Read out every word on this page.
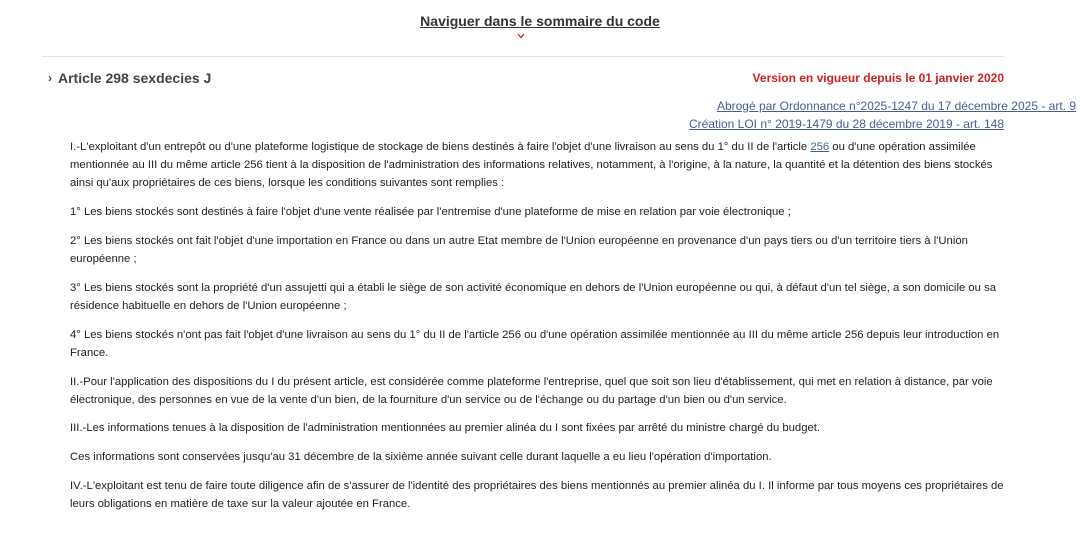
Naviguer dans le sommaire du code
› Article 298 sexdecies J	Version en vigueur depuis le 01 janvier 2020
Abrogé par Ordonnance n°2025-1247 du 17 décembre 2025 - art. 9
Création LOI n° 2019-1479 du 28 décembre 2019 - art. 148

I.-L'exploitant d'un entrepôt ou d'une plateforme logistique de stockage de biens destinés à faire l'objet d'une livraison au sens du 1° du II de l'article 256 ou d'une opération assimilée mentionnée au III du même article 256 tient à la disposition de l'administration des informations relatives, notamment, à l'origine, à la nature, la quantité et la détention des biens stockés ainsi qu'aux propriétaires de ces biens, lorsque les conditions suivantes sont remplies :

1° Les biens stockés sont destinés à faire l'objet d'une vente réalisée par l'entremise d'une plateforme de mise en relation par voie électronique ;

2° Les biens stockés ont fait l'objet d'une importation en France ou dans un autre Etat membre de l'Union européenne en provenance d'un pays tiers ou d'un territoire tiers à l'Union européenne ;

3° Les biens stockés sont la propriété d'un assujetti qui a établi le siège de son activité économique en dehors de l'Union européenne ou qui, à défaut d'un tel siège, a son domicile ou sa résidence habituelle en dehors de l'Union européenne ;

4° Les biens stockés n'ont pas fait l'objet d'une livraison au sens du 1° du II de l'article 256 ou d'une opération assimilée mentionnée au III du même article 256 depuis leur introduction en France.

II.-Pour l'application des dispositions du I du présent article, est considérée comme plateforme l'entreprise, quel que soit son lieu d'établissement, qui met en relation à distance, par voie électronique, des personnes en vue de la vente d'un bien, de la fourniture d'un service ou de l'échange ou du partage d'un bien ou d'un service.

III.-Les informations tenues à la disposition de l'administration mentionnées au premier alinéa du I sont fixées par arrêté du ministre chargé du budget.

Ces informations sont conservées jusqu'au 31 décembre de la sixième année suivant celle durant laquelle a eu lieu l'opération d'importation.

IV.-L'exploitant est tenu de faire toute diligence afin de s'assurer de l'identité des propriétaires des biens mentionnés au premier alinéa du I. Il informe par tous moyens ces propriétaires de leurs obligations en matière de taxe sur la valeur ajoutée en France.
